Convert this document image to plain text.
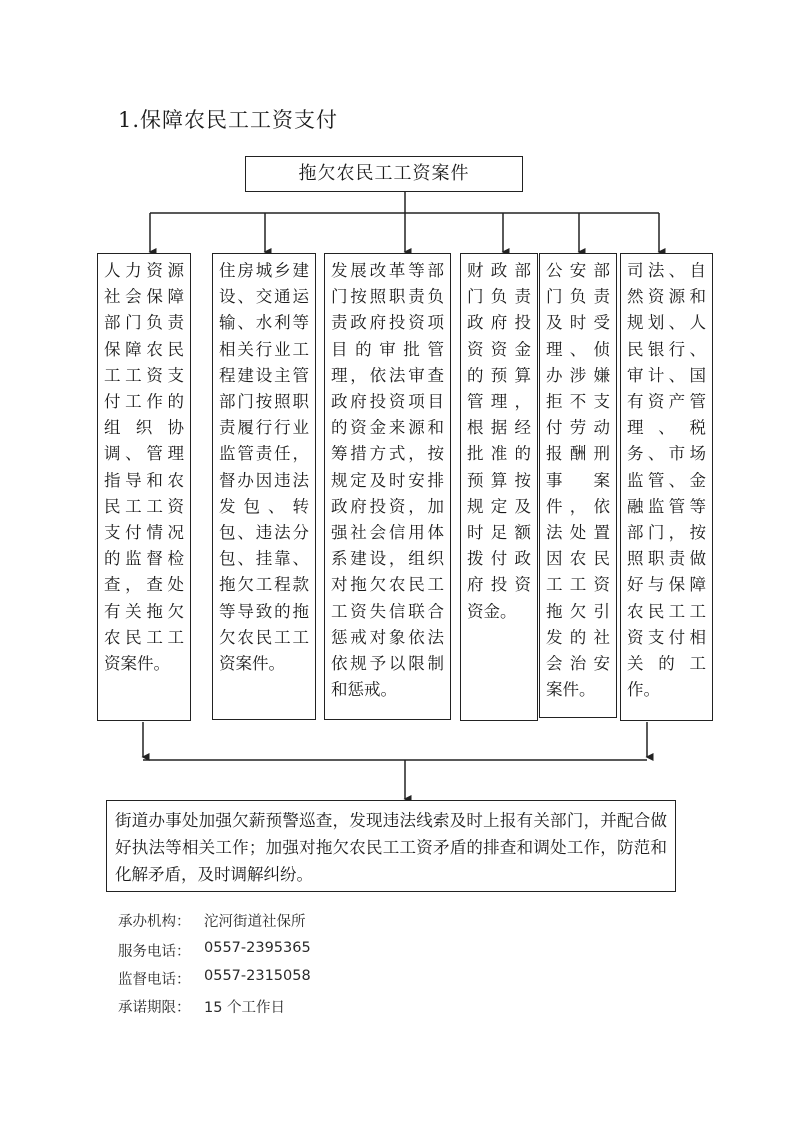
1.保障农民工工资支付
拖欠农民工工资案件
人力资源社会保障部门负责保障农民工工资支付工作的组织协调、管理指导和农民工工资支付情况的监督检查，查处有关拖欠农民工工资案件。
住房城乡建设、交通运输、水利等相关行业工程建设主管部门按照职责履行行业监管责任，督办因违法发包、转包、违法分包、挂靠、拖欠工程款等导致的拖欠农民工工资案件。
发展改革等部门按照职责负责政府投资项目的审批管理，依法审查政府投资项目的资金来源和筹措方式，按规定及时安排政府投资，加强社会信用体系建设，组织对拖欠农民工工资失信联合惩戒对象依法依规予以限制和惩戒。
财政部门负责政府投资资金的预算管理，根据经批准的预算按规定及时足额拨付政府投资资金。
公安部门负责及时受理、侦办涉嫌拒不支付劳动报酬刑事案件，依法处置因农民工工资拖欠引发的社会治安案件。
司法、自然资源和规划、人民银行、审计、国有资产管理、税务、市场监管、金融监管等部门，按照职责做好与保障农民工工资支付相关的工作。
街道办事处加强欠薪预警巡查，发现违法线索及时上报有关部门，并配合做好执法等相关工作；加强对拖欠农民工工资矛盾的排查和调处工作，防范和化解矛盾，及时调解纠纷。
承办机构： 沱河街道社保所
服务电话： 0557-2395365
监督电话： 0557-2315058
承诺期限： 15 个工作日
